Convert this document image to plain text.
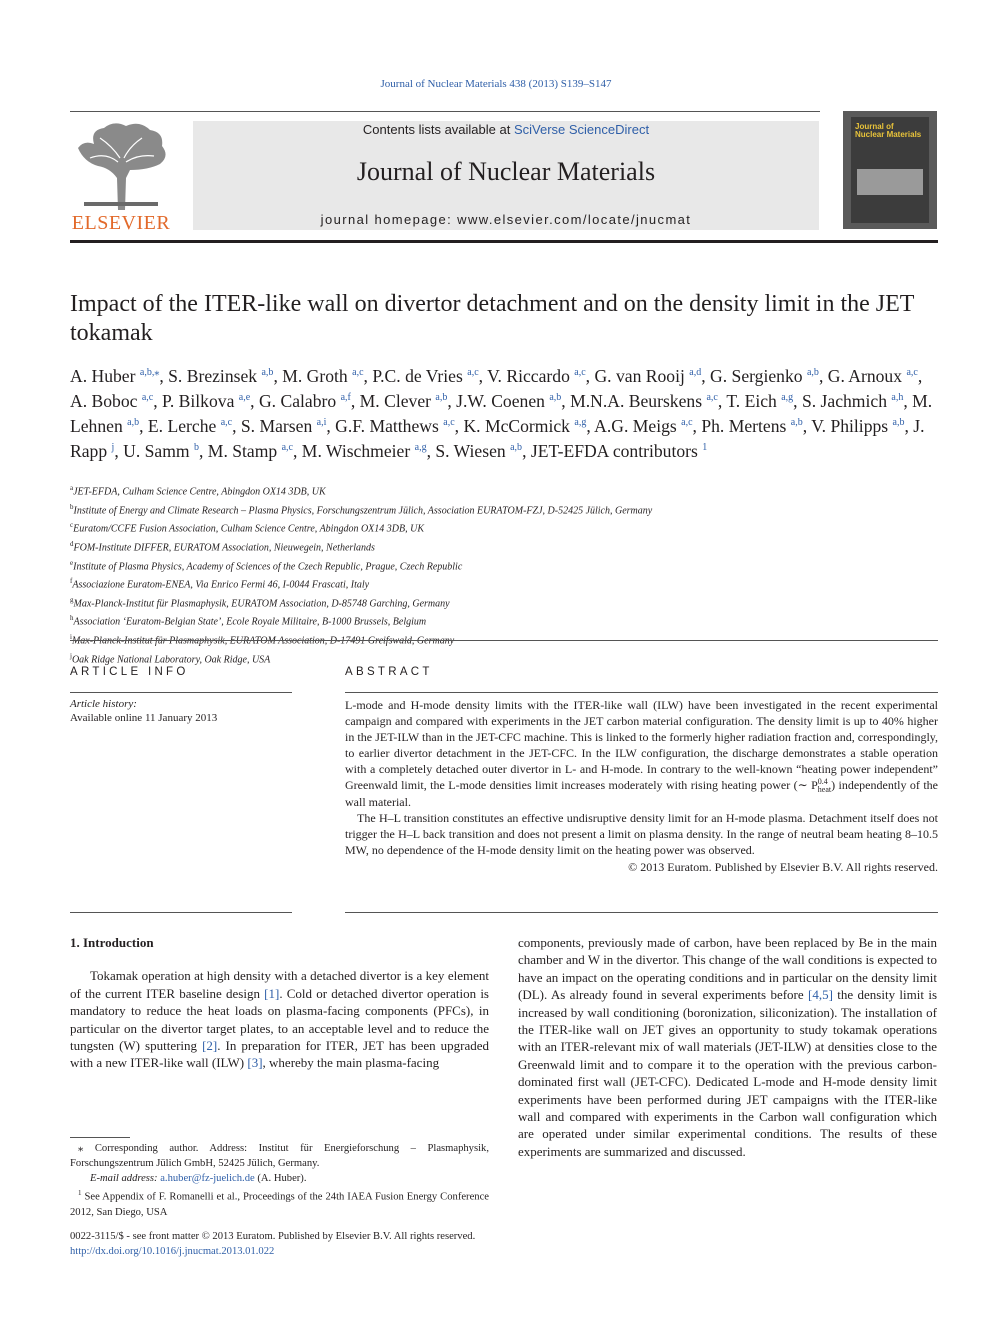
Journal of Nuclear Materials 438 (2013) S139–S147
ELSEVIER
Contents lists available at SciVerse ScienceDirect
Journal of Nuclear Materials
journal homepage: www.elsevier.com/locate/jnucmat
Journal of Nuclear Materials
Impact of the ITER-like wall on divertor detachment and on the density limit in the JET tokamak
A. Huber $^{a,b,⁎}$, S. Brezinsek $^{a,b}$, M. Groth $^{a,c}$, P.C. de Vries $^{a,c}$, V. Riccardo $^{a,c}$, G. van Rooij $^{a,d}$, G. Sergienko $^{a,b}$, G. Arnoux $^{a,c}$, A. Boboc $^{a,c}$, P. Bilkova $^{a,e}$, G. Calabro $^{a,f}$, M. Clever $^{a,b}$, J.W. Coenen $^{a,b}$, M.N.A. Beurskens $^{a,c}$, T. Eich $^{a,g}$, S. Jachmich $^{a,h}$, M. Lehnen $^{a,b}$, E. Lerche $^{a,c}$, S. Marsen $^{a,i}$, G.F. Matthews $^{a,c}$, K. McCormick $^{a,g}$, A.G. Meigs $^{a,c}$, Ph. Mertens $^{a,b}$, V. Philipps $^{a,b}$, J. Rapp $^j$, U. Samm $^b$, M. Stamp $^{a,c}$, M. Wischmeier $^{a,g}$, S. Wiesen $^{a,b}$, JET-EFDA contributors $^1$
$^a$JET-EFDA, Culham Science Centre, Abingdon OX14 3DB, UK
$^b$Institute of Energy and Climate Research – Plasma Physics, Forschungszentrum Jülich, Association EURATOM-FZJ, D-52425 Jülich, Germany
$^c$Euratom/CCFE Fusion Association, Culham Science Centre, Abingdon OX14 3DB, UK
$^d$FOM-Institute DIFFER, EURATOM Association, Nieuwegein, Netherlands
$^e$Institute of Plasma Physics, Academy of Sciences of the Czech Republic, Prague, Czech Republic
$^f$Associazione Euratom-ENEA, Via Enrico Fermi 46, I-0044 Frascati, Italy
$^g$Max-Planck-Institut für Plasmaphysik, EURATOM Association, D-85748 Garching, Germany
$^h$Association ‘Euratom-Belgian State’, Ecole Royale Militaire, B-1000 Brussels, Belgium
$^i$Max-Planck-Institut für Plasmaphysik, EURATOM Association, D-17491 Greifswald, Germany
$^j$Oak Ridge National Laboratory, Oak Ridge, USA
ARTICLE INFO
Article history:
Available online 11 January 2013
ABSTRACT

L-mode and H-mode density limits with the ITER-like wall (ILW) have been investigated in the recent experimental campaign and compared with experiments in the JET carbon material configuration. The density limit is up to 40% higher in the JET-ILW than in the JET-CFC machine. This is linked to the formerly higher radiation fraction and, correspondingly, to earlier divertor detachment in the JET-CFC. In the ILW configuration, the discharge demonstrates a stable operation with a completely detached outer divertor in L- and H-mode. In contrary to the well-known “heating power independent” Greenwald limit, the L-mode densities limit increases moderately with rising heating power (∼ P 0.4
heat ) independently of the wall material.

The H–L transition constitutes an effective undisruptive density limit for an H-mode plasma. Detachment itself does not trigger the H–L back transition and does not present a limit on plasma density. In the range of neutral beam heating 8–10.5 MW, no dependence of the H-mode density limit on the heating power was observed.

© 2013 Euratom. Published by Elsevier B.V. All rights reserved.

1. Introduction

Tokamak operation at high density with a detached divertor is a key element of the current ITER baseline design [1]. Cold or detached divertor operation is mandatory to reduce the heat loads on plasma-facing components (PFCs), in particular on the divertor target plates, to an acceptable level and to reduce the tungsten (W) sputtering [2]. In preparation for ITER, JET has been upgraded with a new ITER-like wall (ILW) [3], whereby the main plasma-facing

components, previously made of carbon, have been replaced by Be in the main chamber and W in the divertor. This change of the wall conditions is expected to have an impact on the operating conditions and in particular on the density limit (DL). As already found in several experiments before [4,5] the density limit is increased by wall conditioning (boronization, siliconization). The installation of the ITER-like wall on JET gives an opportunity to study tokamak operations with an ITER-relevant mix of wall materials (JET-ILW) at densities close to the Greenwald limit and to compare it to the operation with the previous carbon-dominated first wall (JET-CFC). Dedicated L-mode and H-mode density limit experiments have been performed during JET campaigns with the ITER-like wall and compared with experiments in the Carbon wall configuration which are operated under similar experimental conditions. The results of these experiments are summarized and discussed.

⁎ Corresponding author. Address: Institut für Energieforschung – Plasmaphysik, Forschungszentrum Jülich GmbH, 52425 Jülich, Germany.

E-mail address: a.huber@fz-juelich.de (A. Huber).

$^1$ See Appendix of F. Romanelli et al., Proceedings of the 24th IAEA Fusion Energy Conference 2012, San Diego, USA

0022-3115/$ - see front matter © 2013 Euratom. Published by Elsevier B.V. All rights reserved.
http://dx.doi.org/10.1016/j.jnucmat.2013.01.022
